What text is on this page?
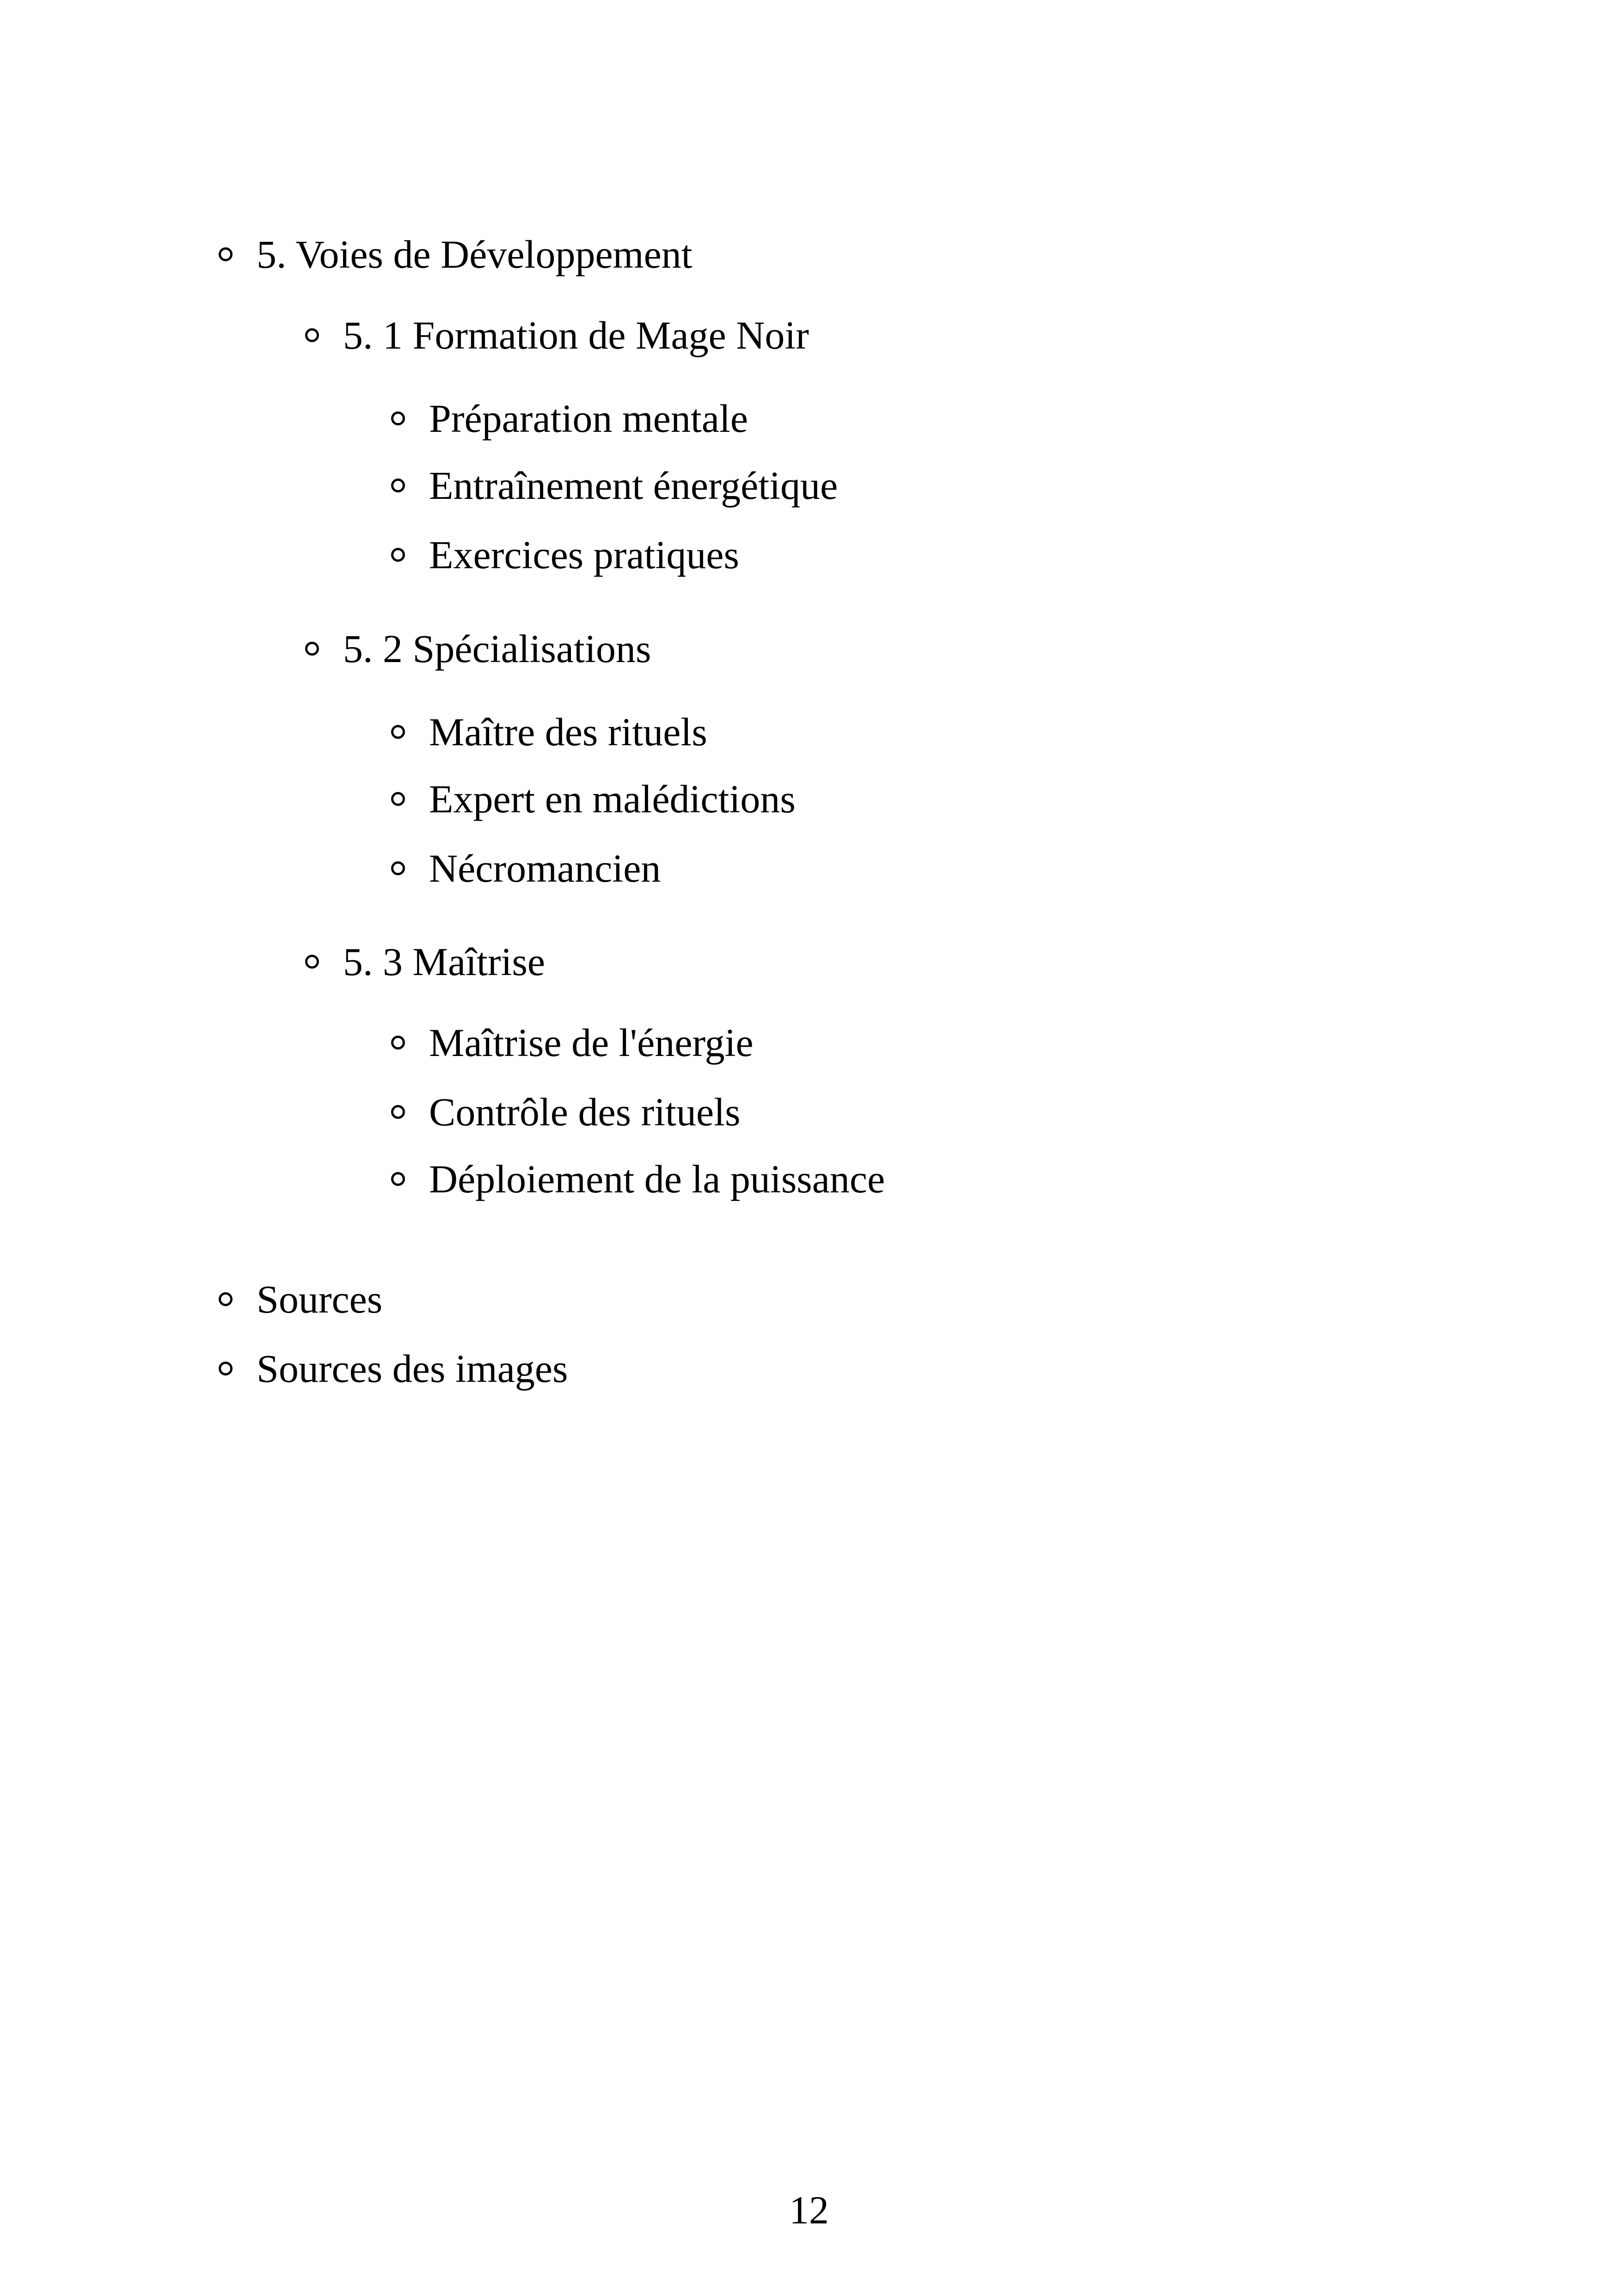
5. Voies de Développement
5. 1 Formation de Mage Noir
Préparation mentale
Entraînement énergétique
Exercices pratiques
5. 2 Spécialisations
Maître des rituels
Expert en malédictions
Nécromancien
5. 3 Maîtrise
Maîtrise de l'énergie
Contrôle des rituels
Déploiement de la puissance
Sources
Sources des images
12
